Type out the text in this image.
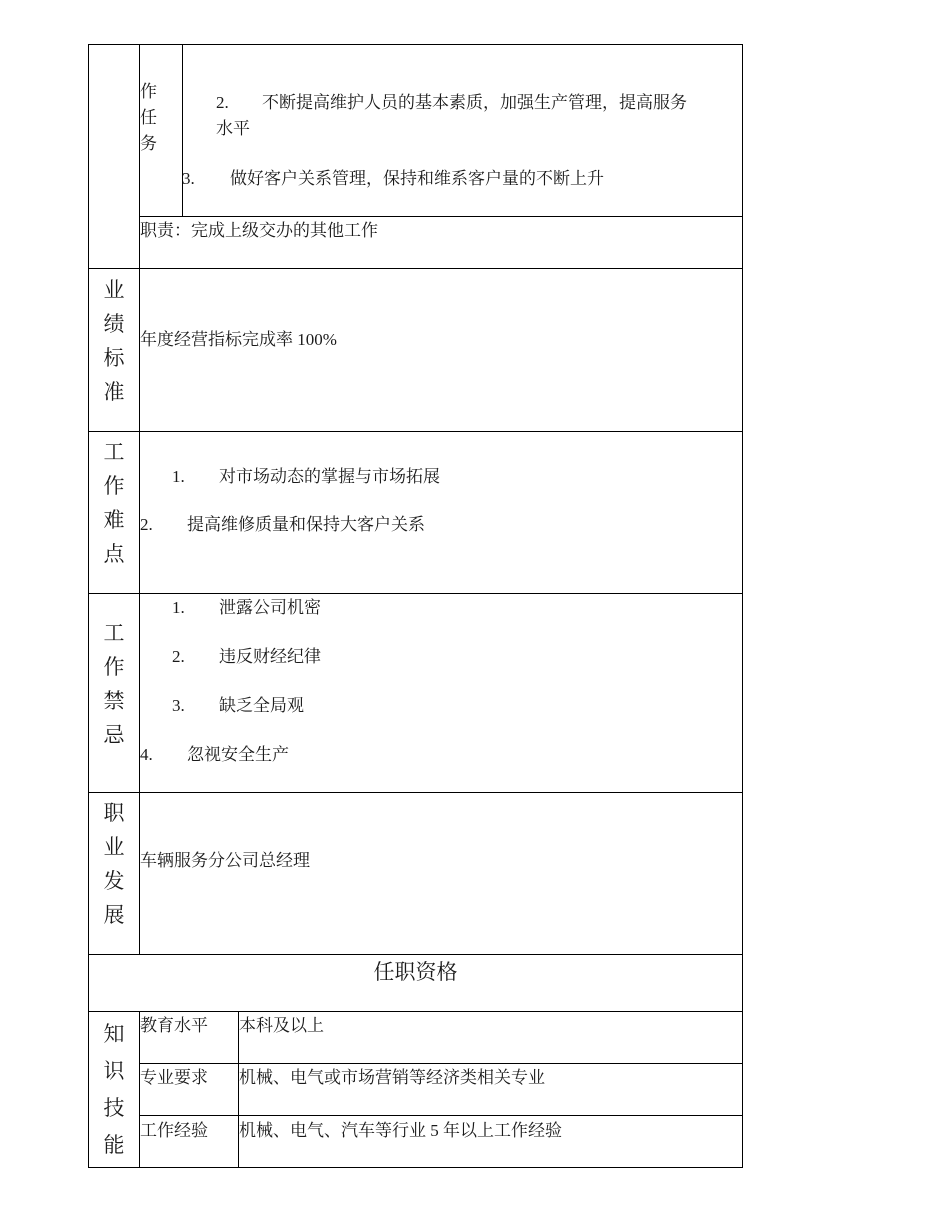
作
任
务
2. 不断提高维护人员的基本素质，加强生产管理，提高服务
水平
3. 做好客户关系管理，保持和维系客户量的不断上升
职责：完成上级交办的其他工作
业
绩
标
准
年度经营指标完成率 100%
工
作
难
点
1. 对市场动态的掌握与市场拓展
2. 提高维修质量和保持大客户关系
工
作
禁
忌
1. 泄露公司机密
2. 违反财经纪律
3. 缺乏全局观
4. 忽视安全生产
职
业
发
展
车辆服务分公司总经理
任职资格
知
识
技
能
教育水平 本科及以上
专业要求 机械、电气或市场营销等经济类相关专业
工作经验 机械、电气、汽车等行业 5 年以上工作经验
